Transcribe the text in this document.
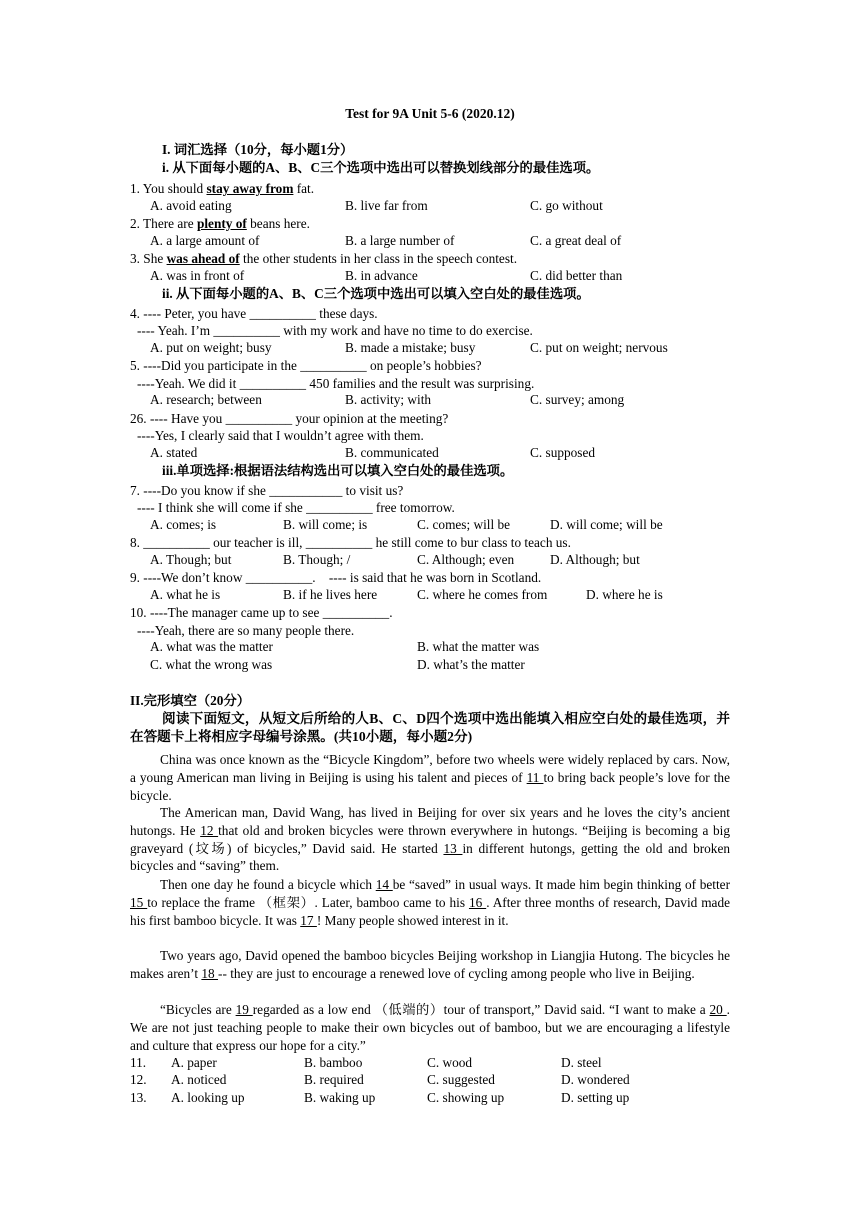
Test for 9A Unit 5-6 (2020.12)
I. 词汇选择（10分，每小题1分）
i. 从下面每小题的A、B、C三个选项中选出可以替换划线部分的最佳选项。
1. You should stay away from fat.
A. avoid eating	B. live far from	C. go without
2. There are plenty of beans here.
A. a large amount of	B. a large number of	C. a great deal of
3. She was ahead of the other students in her class in the speech contest.
A. was in front of	B. in advance	C. did better than
ii. 从下面每小题的A、B、C三个选项中选出可以填入空白处的最佳选项。
4. ---- Peter, you have __________ these days.
---- Yeah. I’m __________ with my work and have no time to do exercise.
A. put on weight; busy	B. made a mistake; busy	C. put on weight; nervous
5. ----Did you participate in the __________ on people’s hobbies?
----Yeah. We did it __________ 450 families and the result was surprising.
A. research; between	B. activity; with	C. survey; among
26. ---- Have you __________ your opinion at the meeting?
----Yes, I clearly said that I wouldn’t agree with them.
A. stated	B. communicated	C. supposed
iii.单项选择:根据语法结构选出可以填入空白处的最佳选项。
7. ----Do you know if she ___________ to visit us?
---- I think she will come if she __________ free tomorrow.
A. comes; is	B. will come; is	C. comes; will be	D. will come; will be
8. __________ our teacher is ill, __________ he still come to bur class to teach us.
A. Though; but	B. Though; /	C. Although; even	D. Although; but
9. ----We don’t know __________.    ---- is said that he was born in Scotland.
A. what he is	B. if he lives here	C. where he comes from	D. where he is
10. ----The manager came up to see __________.
----Yeah, there are so many people there.
A. what was the matter	B. what the matter was
C. what the wrong was	D. what’s the matter
II.完形填空（20分）
阅读下面短文，从短文后所给的人B、C、D四个选项中选出能填入相应空白处的最佳选项，并在答题卡上将相应字母编号涂黑。(共10小题，每小题2分)
China was once known as the “Bicycle Kingdom”, before two wheels were widely replaced by cars. Now, a young American man living in Beijing is using his talent and pieces of 11 to bring back people’s love for the bicycle.
The American man, David Wang, has lived in Beijing for over six years and he loves the city’s ancient hutongs. He 12 that old and broken bicycles were thrown everywhere in hutongs. “Beijing is becoming a big graveyard (坟场) of bicycles,” David said. He started 13 in different hutongs, getting the old and broken bicycles and “saving” them.
Then one day he found a bicycle which 14 be “saved” in usual ways. It made him begin thinking of better 15 to replace the frame （框架）. Later, bamboo came to his 16 . After three months of research, David made his first bamboo bicycle. It was 17 ! Many people showed interest in it.
Two years ago, David opened the bamboo bicycles Beijing workshop in Liangjia Hutong. The bicycles he makes aren’t 18 -- they are just to encourage a renewed love of cycling among people who live in Beijing.
“Bicycles are 19 regarded as a low end （低端的）tour of transport,” David said. “I want to make a 20 . We are not just teaching people to make their own bicycles out of bamboo, but we are encouraging a lifestyle and culture that express our hope for a city.”
11. A. paper	B. bamboo	C. wood	D. steel
12. A. noticed	B. required	C. suggested	D. wondered
13. A. looking up	B. waking up	C. showing up	D. setting up
